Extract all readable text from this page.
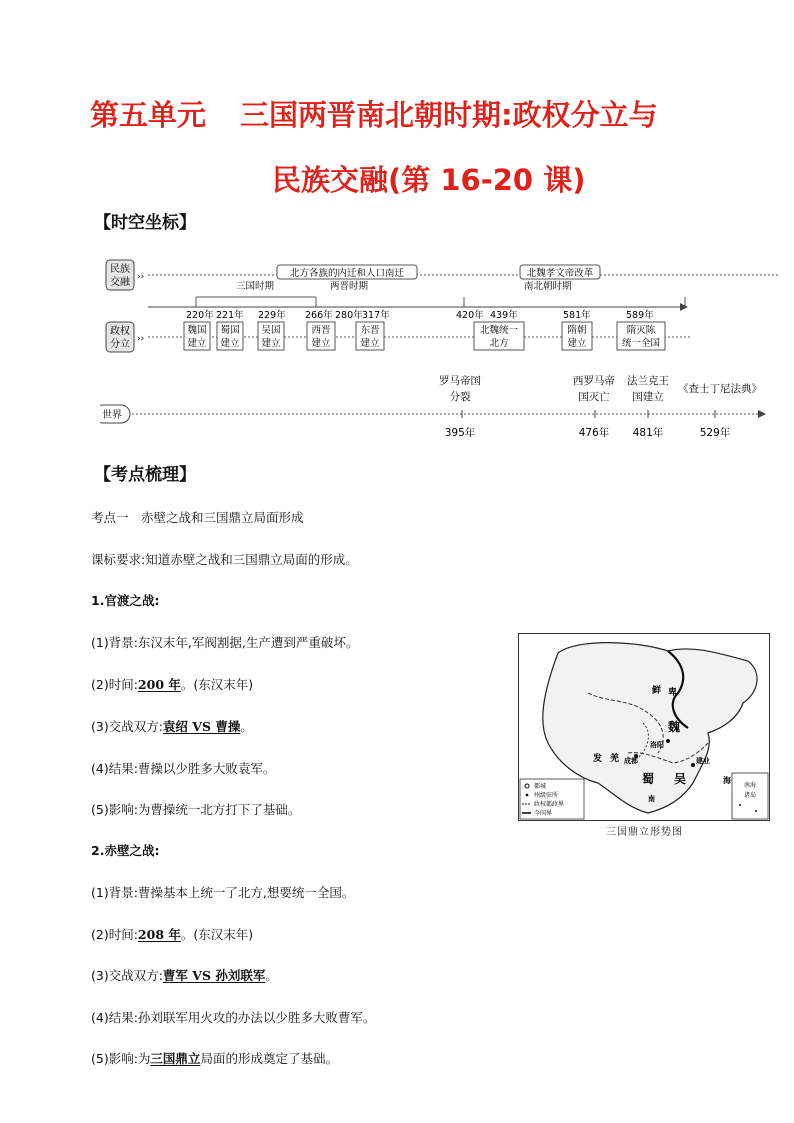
第五单元 三国两晋南北朝时期:政权分立与
民族交融(第 16-20 课)
【时空坐标】
民族
交融 ››	北方各族的内迁和人口南迁	北魏孝文帝改革
三国时期	两晋时期	南北朝时期
220年 221年 229年 266年 280年 317年	420年 439年	581年	589年
政权
分立 ››
魏国
建立
蜀国
建立
吴国
建立
西晋
建立
东晋
建立
北魏统一
北方
隋朝
建立
隋灭陈
统一全国
世界
罗马帝国
分裂
395年
西罗马帝
国灭亡
476年
法兰克王
国建立
481年
《查士丁尼法典》
529年
【考点梳理】
考点一　赤壁之战和三国鼎立局面形成
课标要求:知道赤壁之战和三国鼎立局面的形成。
1.官渡之战:
(1)背景:东汉末年,军阀割据,生产遭到严重破坏。
(2)时间:200 年。(东汉末年)
(3)交战双方:袁绍 VS 曹操。
(4)结果:曹操以少胜多大败袁军。
(5)影响:为曹操统一北方打下了基础。
2.赤壁之战:
(1)背景:曹操基本上统一了北方,想要统一全国。
(2)时间:208 年。(东汉末年)
(3)交战双方:曹军 VS 孙刘联军。
(4)结果:孙刘联军用火攻的办法以少胜多大败曹军。
(5)影响:为三国鼎立局面的形成奠定了基础。
鲜 卑
魏
洛阳
成都
蜀 吴
建业
发 羌
南
海
都城
州级驻所
政权都政界
今国界
南海
诸岛
三国鼎立形势图
